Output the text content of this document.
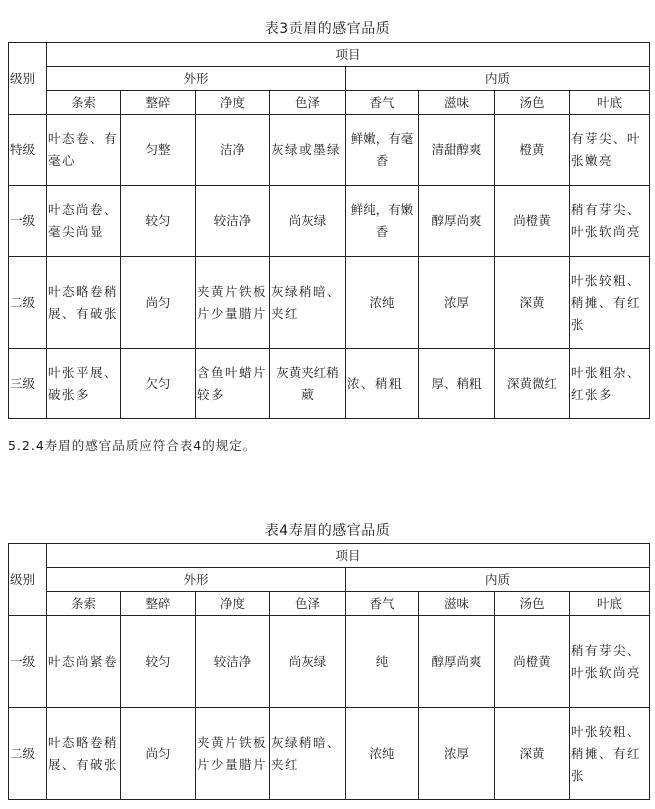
表3贡眉的感官品质
级别	项目							
	外形				内质			
	条索	整碎	净度	色泽	香气	滋味	汤色	叶底
特级	叶态卷、有毫心	匀整	洁净	灰绿或墨绿	鲜嫩，有毫香	清甜醇爽	橙黄	有芽尖、叶张嫩亮
一级	叶态尚卷、毫尖尚显	较匀	较洁净	尚灰绿	鲜纯，有嫩香	醇厚尚爽	尚橙黄	稍有芽尖、叶张软尚亮
二级	叶态略卷稍展、有破张	尚匀	夹黄片铁板片少量腊片	灰绿稍暗、夹红	浓纯	浓厚	深黄	叶张较粗、稍摊、有红张
三级	叶张平展、破张多	欠匀	含鱼叶蜡片较多	灰黄夹红稍葳	浓、稍粗	厚、稍粗	深黄微红	叶张粗杂、红张多
5.2.4寿眉的感官品质应符合表4的规定。
表4寿眉的感官品质
级别	项目							
	外形				内质			
	条索	整碎	净度	色泽	香气	滋味	汤色	叶底
一级	叶态尚紧卷	较匀	较洁净	尚灰绿	纯	醇厚尚爽	尚橙黄	稍有芽尖、叶张软尚亮
二级	叶态略卷稍展、有破张	尚匀	夹黄片铁板片少量腊片	灰绿稍暗、夹红	浓纯	浓厚	深黄	叶张较粗、稍摊、有红张
